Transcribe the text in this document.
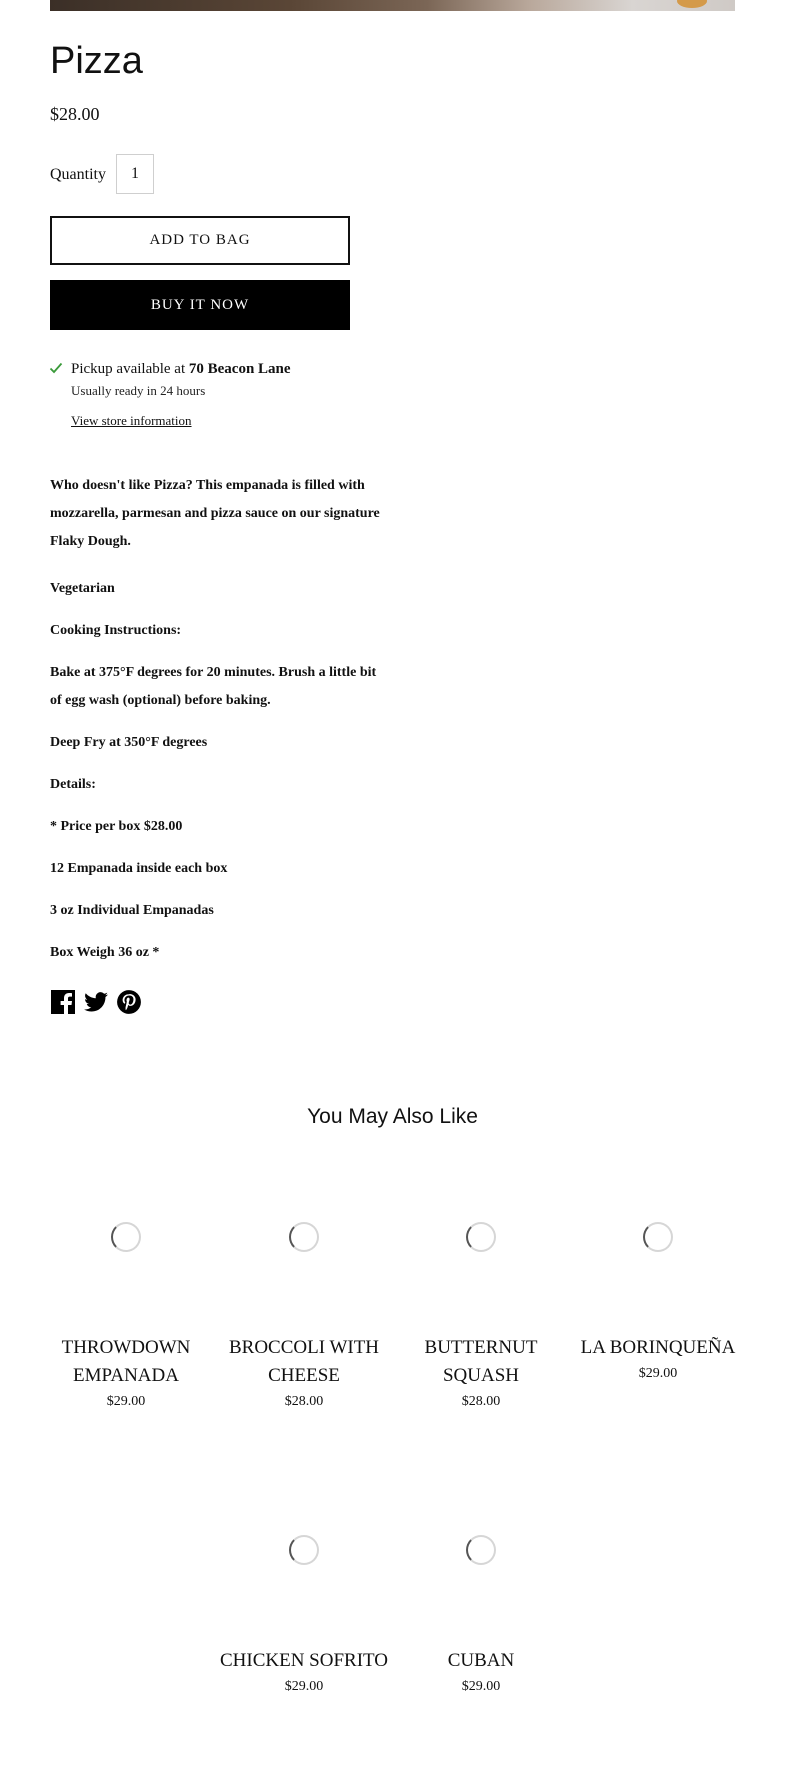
Pizza
$28.00
Quantity
1
ADD TO BAG
BUY IT NOW
Pickup available at 70 Beacon Lane
Usually ready in 24 hours
View store information

Who doesn't like Pizza? This empanada is filled with mozzarella, parmesan and pizza sauce on our signature Flaky Dough.

Vegetarian

Cooking Instructions:

Bake at 375°F degrees for 20 minutes. Brush a little bit of egg wash (optional) before baking.

Deep Fry at 350°F degrees

Details:

* Price per box $28.00

12 Empanada inside each box

3 oz Individual Empanadas

Box Weigh 36 oz *

You May Also Like
THROWDOWN EMPANADA
$29.00
BROCCOLI WITH CHEESE
$28.00
BUTTERNUT SQUASH
$28.00
LA BORINQUEÑA
$29.00
CHICKEN SOFRITO
$29.00
CUBAN
$29.00
